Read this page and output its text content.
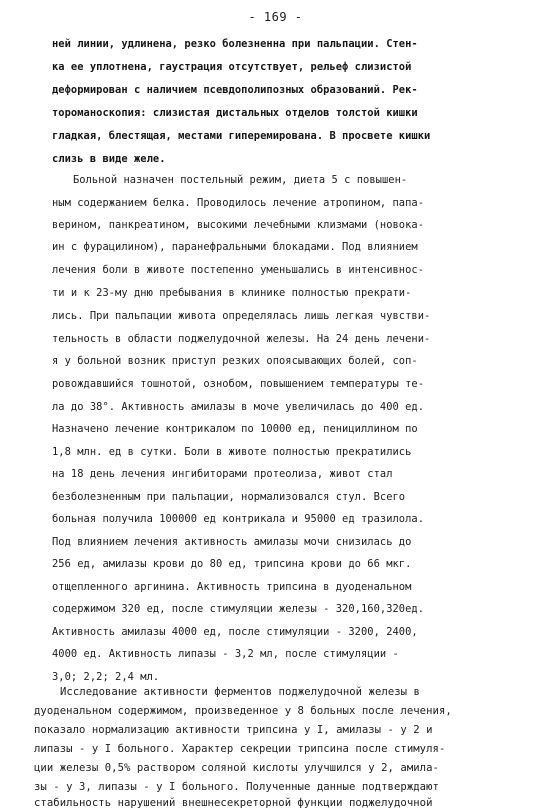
- 169 -
ней линии, удлинена, резко болезненна при пальпации. Стен-
ка ее уплотнена, гаустрация отсутствует, рельеф слизистой
деформирован с наличием псевдополипозных образований. Рек-
тороманоскопия: слизистая дистальных отделов толстой кишки
гладкая, блестящая, местами гиперемирована. В просвете кишки
слизь в виде желе.
Больной назначен постельный режим, диета 5 с повышен-
ным содержанием белка. Проводилось лечение атропином, папа-
верином, панкреатином, высокими лечебными клизмами (новока-
ин с фурацилином), паранефральными блокадами. Под влиянием
лечения боли в животе постепенно уменьшались в интенсивнос-
ти и к 23-му дню пребывания в клинике полностью прекрати-
лись. При пальпации живота определялась лишь легкая чувстви-
тельность в области поджелудочной железы. На 24 день лечени-
я у больной возник приступ резких опоясывающих болей, соп-
ровождавшийся тошнотой, ознобом, повышением температуры те-
ла до 38°. Активность амилазы в моче увеличилась до 400 ед.
Назначено лечение контрикалом по 10000 ед, пенициллином по
1,8 млн. ед в сутки. Боли в животе полностью прекратились
на 18 день лечения ингибиторами протеолиза, живот стал
безболезненным при пальпации, нормализовался стул. Всего
больная получила 100000 ед контрикала и 95000 ед тразилола.
Под влиянием лечения активность амилазы мочи снизилась до
256 ед, амилазы крови до 80 ед, трипсина крови до 66 мкг.
отщепленного аргинина. Активность трипсина в дуоденальном
содержимом 320 ед, после стимуляции железы - 320,160,320ед.
Активность амилазы 4000 ед, после стимуляции - 3200, 2400,
4000 ед. Активность липазы - 3,2 мл, после стимуляции -
3,0; 2,2; 2,4 мл.
Исследование активности ферментов поджелудочной железы в
дуоденальном содержимом, произведенное у 8 больных после лечения,
показало нормализацию активности трипсина у I, амилазы - у 2 и
липазы - у I больного. Характер секреции трипсина после стимуля-
ции железы 0,5% раствором соляной кислоты улучшился у 2, амила-
зы - у 3, липазы - у I больного. Полученные данные подтверждают
стабильность нарушений внешнесекреторной функции поджелудочной
